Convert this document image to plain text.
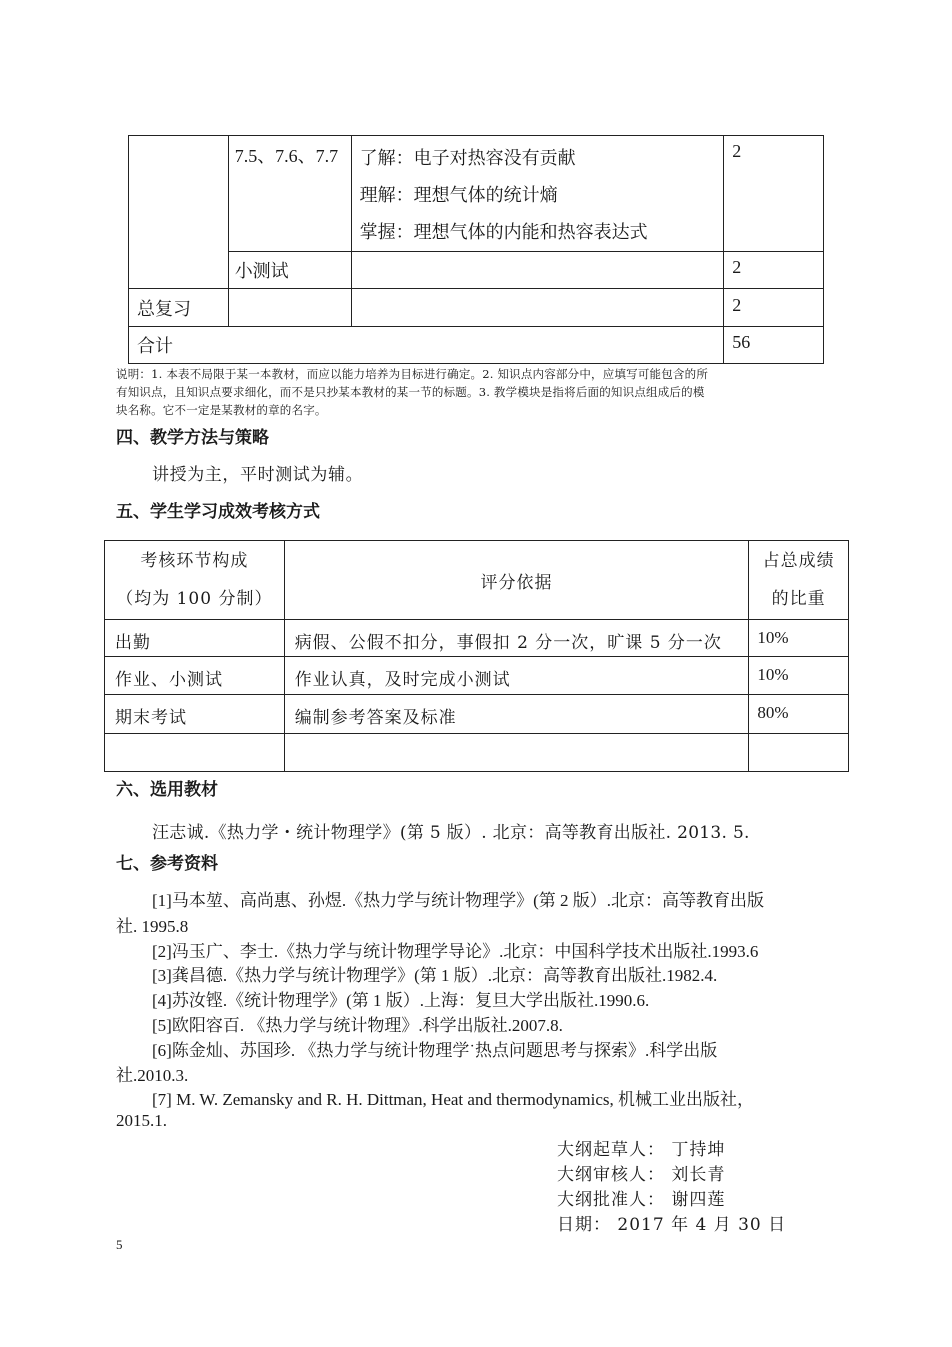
	7.5、7.6、7.7	了解：电子对热容没有贡献
理解：理想气体的统计熵
掌握：理想气体的内能和热容表达式	2
	小测试		2
总复习			2
合计			56
说明：1. 本表不局限于某一本教材，而应以能力培养为目标进行确定。2. 知识点内容部分中，应填写可能包含的所
有知识点，且知识点要求细化，而不是只抄某本教材的某一节的标题。3. 教学模块是指将后面的知识点组成后的模
块名称。它不一定是某教材的章的名字。
四、教学方法与策略
讲授为主，平时测试为辅。
五、学生学习成效考核方式
考核环节构成
（均为 100 分制）	评分依据	占总成绩
的比重

出勤	病假、公假不扣分，事假扣 2 分一次，旷课 5 分一次	10%
作业、小测试	作业认真，及时完成小测试	10%
期末考试	编制参考答案及标准	80%

六、选用教材
汪志诚.《热力学・统计物理学》(第 5 版）. 北京：高等教育出版社. 2013. 5.
七、参考资料
[1]马本堃、高尚惠、孙煜.《热力学与统计物理学》(第 2 版）.北京：高等教育出版
社. 1995.8
[2]冯玉广、李士.《热力学与统计物理学导论》.北京：中国科学技术出版社.1993.6
[3]龚昌德.《热力学与统计物理学》(第 1 版）.北京：高等教育出版社.1982.4.
[4]苏汝铿.《统计物理学》(第 1 版）.上海：复旦大学出版社.1990.6.
[5]欧阳容百. 《热力学与统计物理》.科学出版社.2007.8.
[6]陈金灿、苏国珍. 《热力学与统计物理学˙热点问题思考与探索》.科学出版
社.2010.3.
[7] M. W. Zemansky and R. H. Dittman, Heat and thermodynamics, 机械工业出版社，
2015.1.
大纲起草人： 丁持坤
大纲审核人： 刘长青
大纲批准人： 谢四莲
日期： 2017 年 4 月 30 日
5
